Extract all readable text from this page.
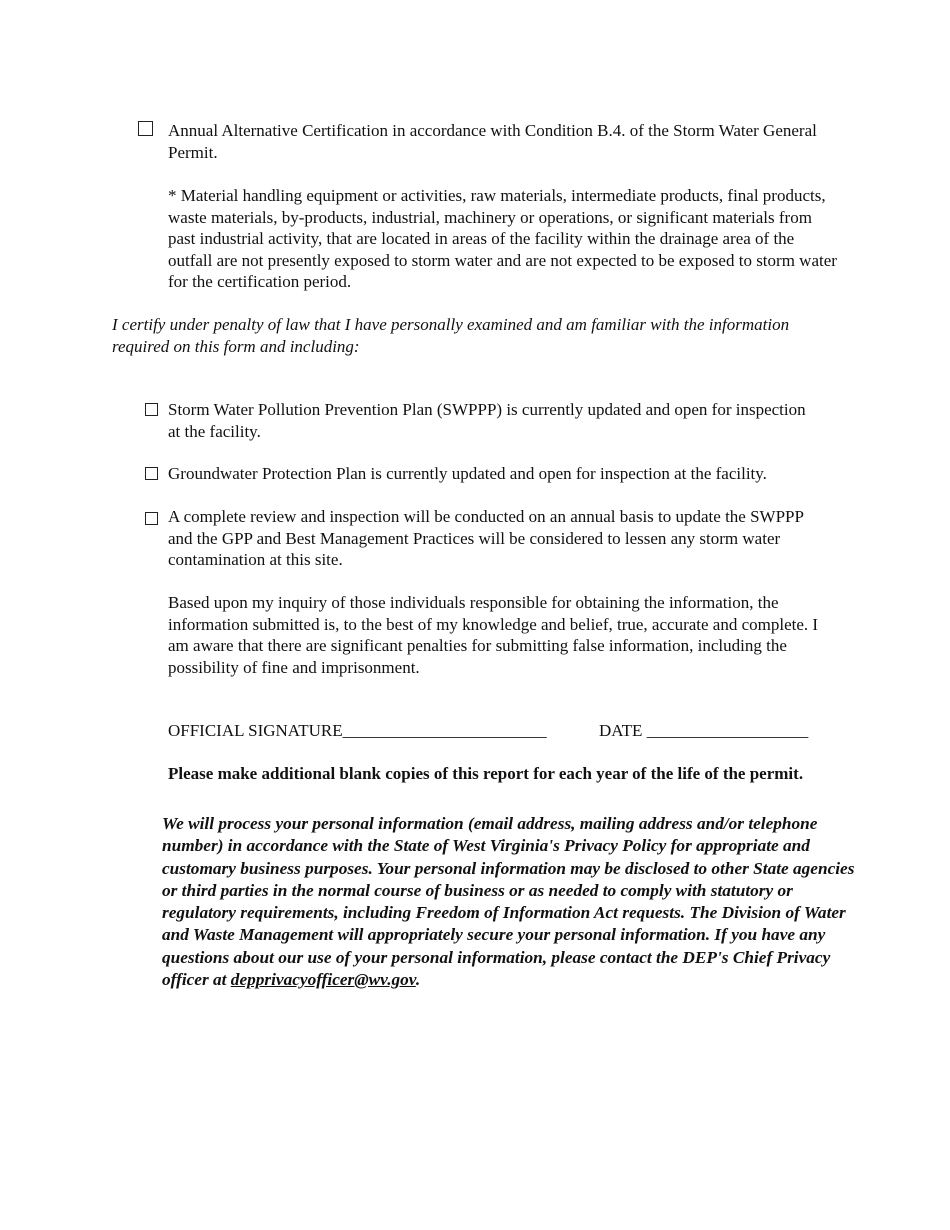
Annual Alternative Certification in accordance with Condition B.4. of the Storm Water General Permit.
* Material handling equipment or activities, raw materials, intermediate products, final products, waste materials, by-products, industrial, machinery or operations, or significant materials from past industrial activity, that are located in areas of the facility within the drainage area of the outfall are not presently exposed to storm water and are not expected to be exposed to storm water for the certification period.
I certify under penalty of law that I have personally examined and am familiar with the information required on this form and including:
Storm Water Pollution Prevention Plan (SWPPP) is currently updated and open for inspection at the facility.
Groundwater Protection Plan is currently updated and open for inspection at the facility.
A complete review and inspection will be conducted on an annual basis to update the SWPPP and the GPP and Best Management Practices will be considered to lessen any storm water contamination at this site.
Based upon my inquiry of those individuals responsible for obtaining the information, the information submitted is, to the best of my knowledge and belief, true, accurate and complete. I am aware that there are significant penalties for submitting false information, including the possibility of fine and imprisonment.
OFFICIAL SIGNATURE________________________	DATE ___________________
Please make additional blank copies of this report for each year of the life of the permit.
We will process your personal information (email address, mailing address and/or telephone number) in accordance with the State of West Virginia's Privacy Policy for appropriate and customary business purposes. Your personal information may be disclosed to other State agencies or third parties in the normal course of business or as needed to comply with statutory or regulatory requirements, including Freedom of Information Act requests. The Division of Water and Waste Management will appropriately secure your personal information. If you have any questions about our use of your personal information, please contact the DEP's Chief Privacy officer at depprivacyofficer@wv.gov.
